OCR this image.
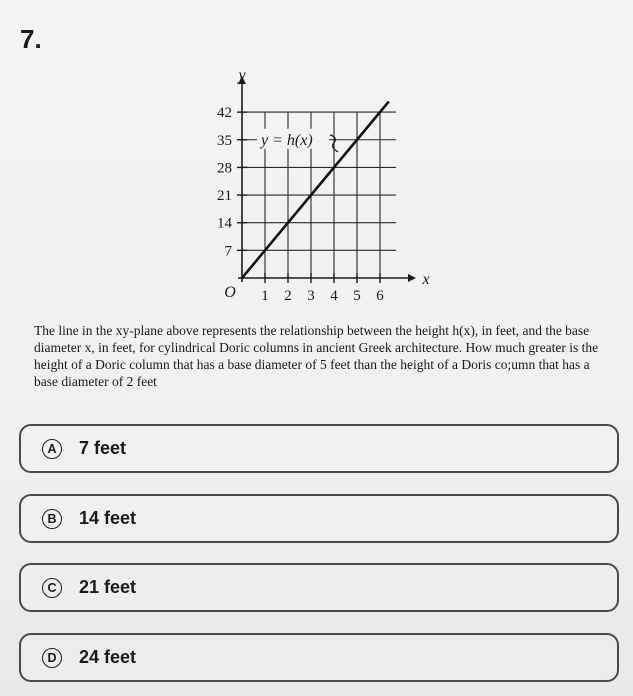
7.
1 2 3 4 5 6
7
14
21
28
35
42
y
x
O
y = h(x)
The line in the xy-plane above represents the relationship between the height h(x), in feet, and the base diameter x, in feet, for cylindrical Doric columns in ancient Greek architecture. How much greater is the height of a Doric column that has a base diameter of 5 feet than the height of a Doris co;umn that has a base diameter of 2 feet
A	7 feet
B	14 feet
C	21 feet
D	24 feet
